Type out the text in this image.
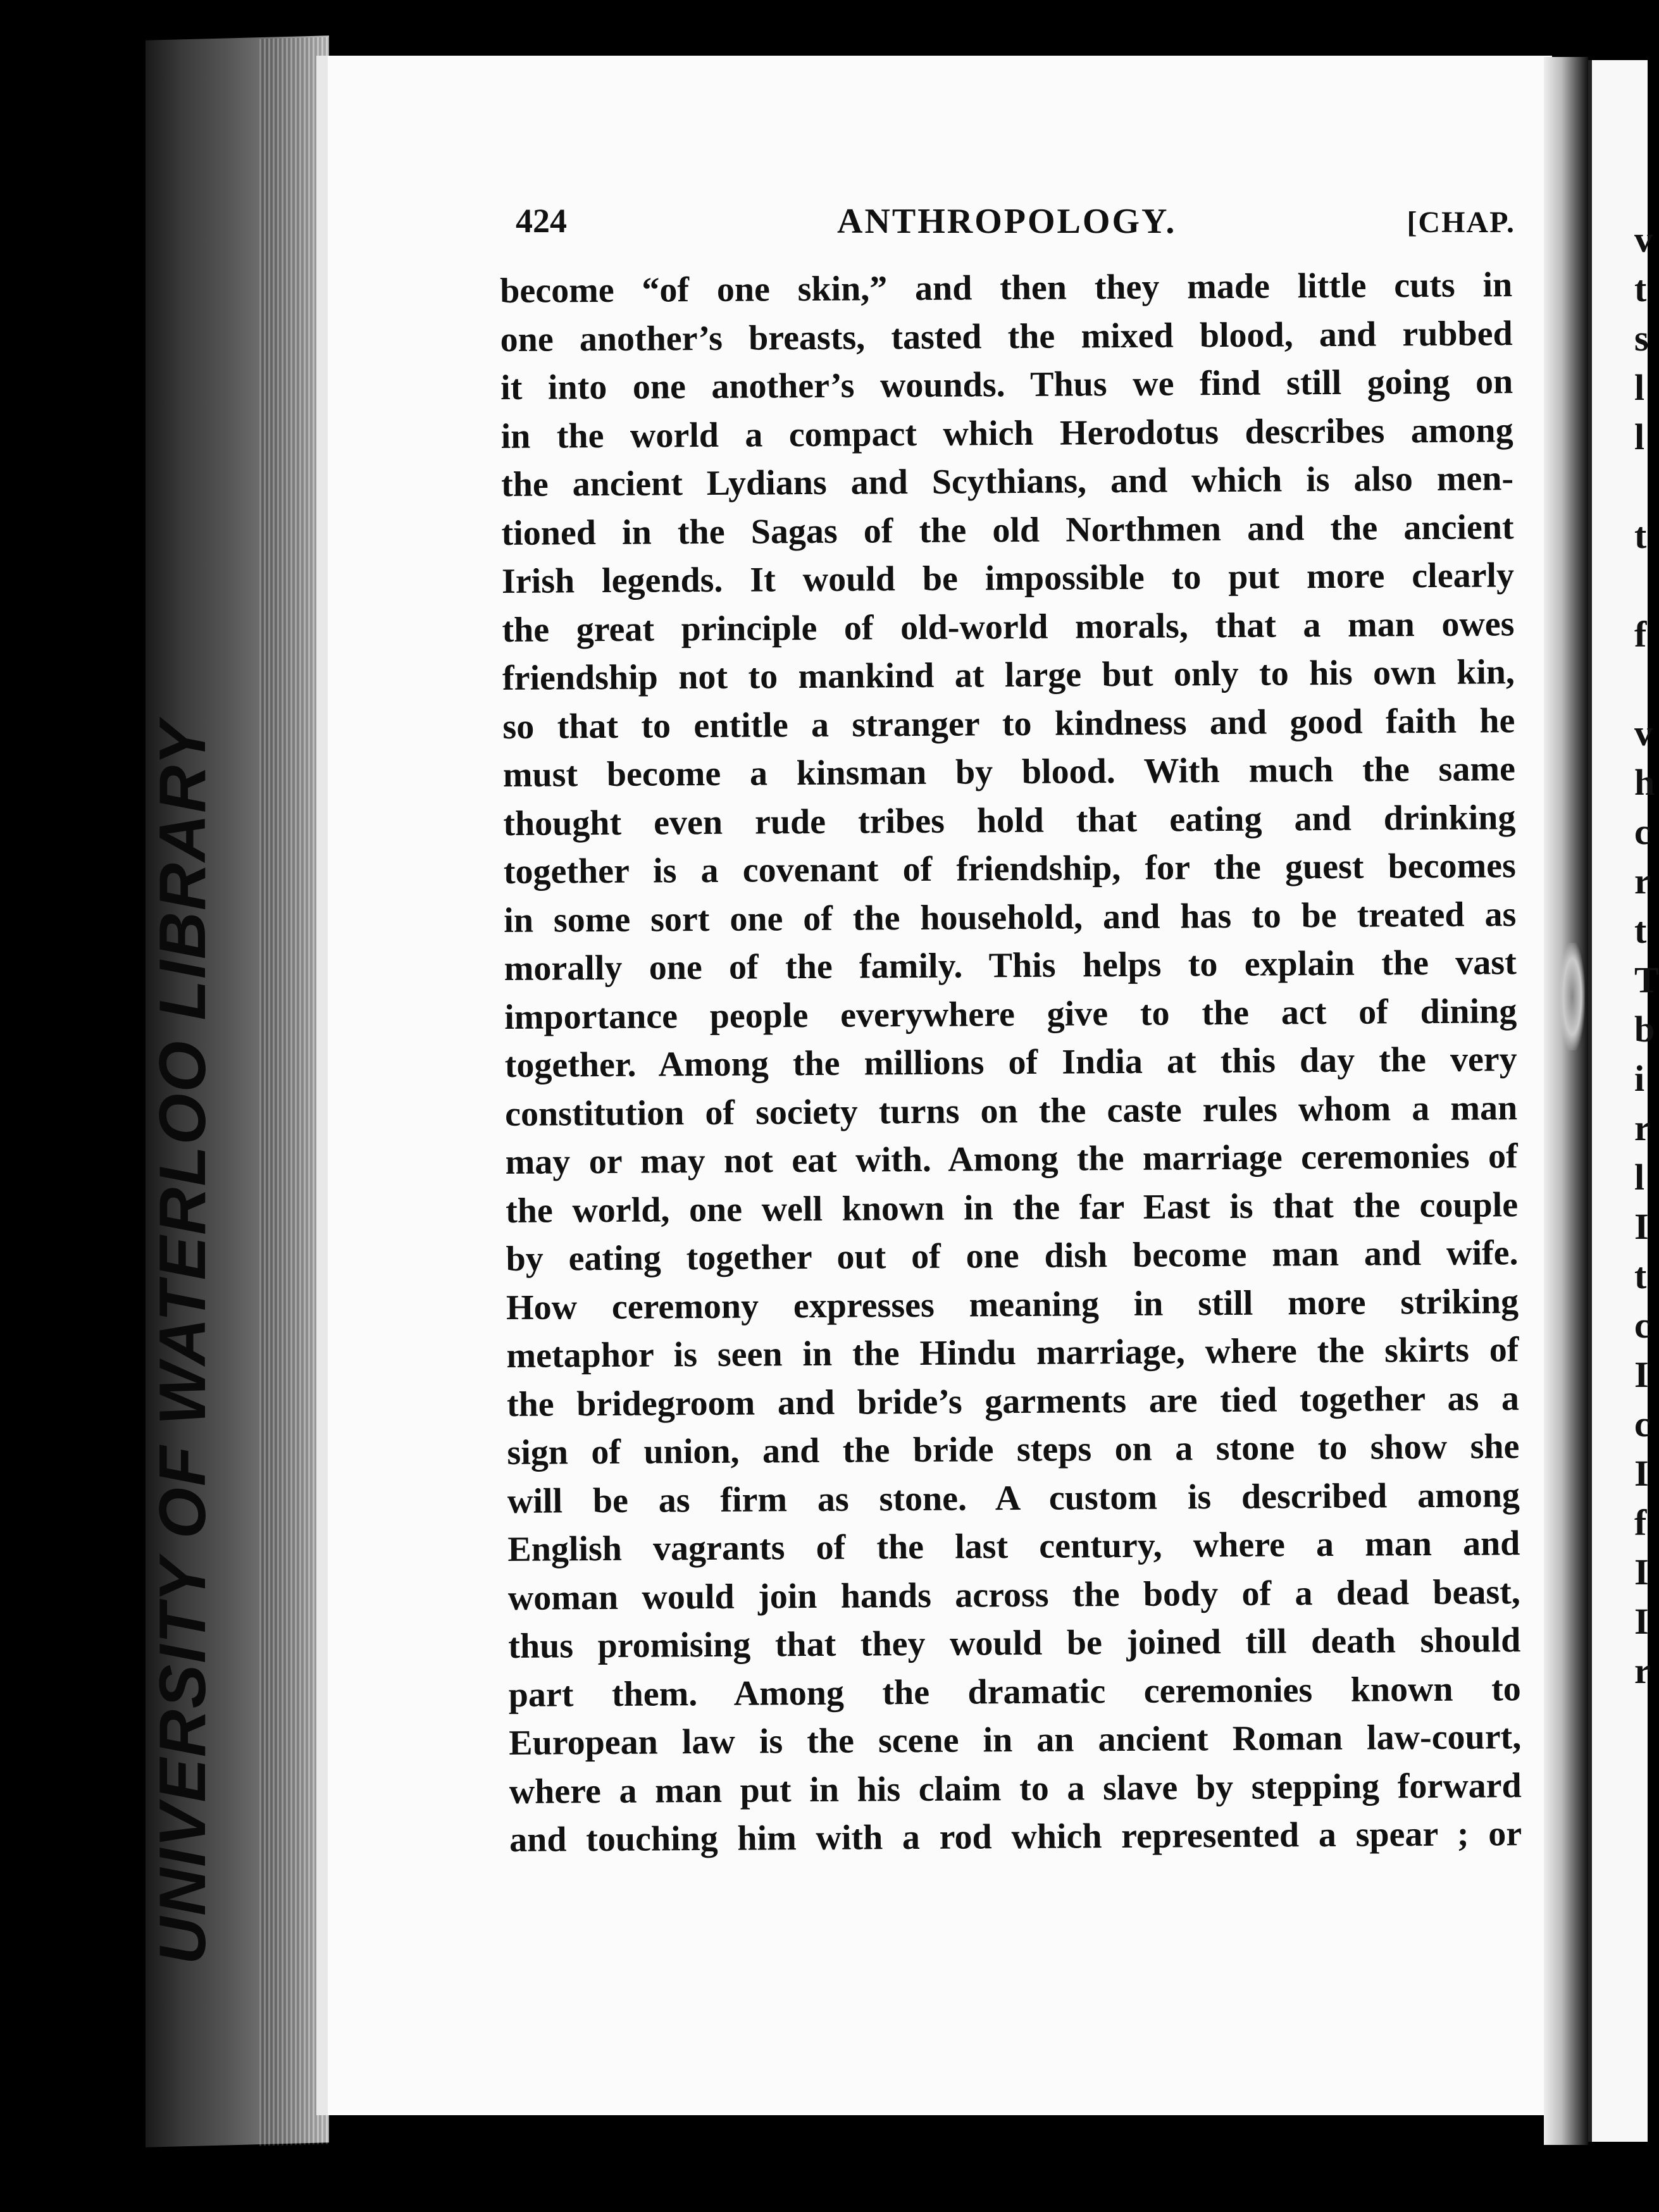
UNIVERSITY OF WATERLOO LIBRARY
v
t
s
l
l

t

f

v
h
c
r
t
T
b
i
r
l
I
t
c
I
c
I
f
I
I
r
424	ANTHROPOLOGY.	[CHAP.
become “of one skin,” and then they made little cuts in
one another’s breasts, tasted the mixed blood, and rubbed
it into one another’s wounds. Thus we find still going on
in the world a compact which Herodotus describes among
the ancient Lydians and Scythians, and which is also men-
tioned in the Sagas of the old Northmen and the ancient
Irish legends. It would be impossible to put more clearly
the great principle of old-world morals, that a man owes
friendship not to mankind at large but only to his own kin,
so that to entitle a stranger to kindness and good faith he
must become a kinsman by blood. With much the same
thought even rude tribes hold that eating and drinking
together is a covenant of friendship, for the guest becomes
in some sort one of the household, and has to be treated as
morally one of the family. This helps to explain the vast
importance people everywhere give to the act of dining
together. Among the millions of India at this day the very
constitution of society turns on the caste rules whom a man
may or may not eat with. Among the marriage ceremonies of
the world, one well known in the far East is that the couple
by eating together out of one dish become man and wife.
How ceremony expresses meaning in still more striking
metaphor is seen in the Hindu marriage, where the skirts of
the bridegroom and bride’s garments are tied together as a
sign of union, and the bride steps on a stone to show she
will be as firm as stone. A custom is described among
English vagrants of the last century, where a man and
woman would join hands across the body of a dead beast,
thus promising that they would be joined till death should
part them. Among the dramatic ceremonies known to
European law is the scene in an ancient Roman law-court,
where a man put in his claim to a slave by stepping forward
and touching him with a rod which represented a spear ; or
